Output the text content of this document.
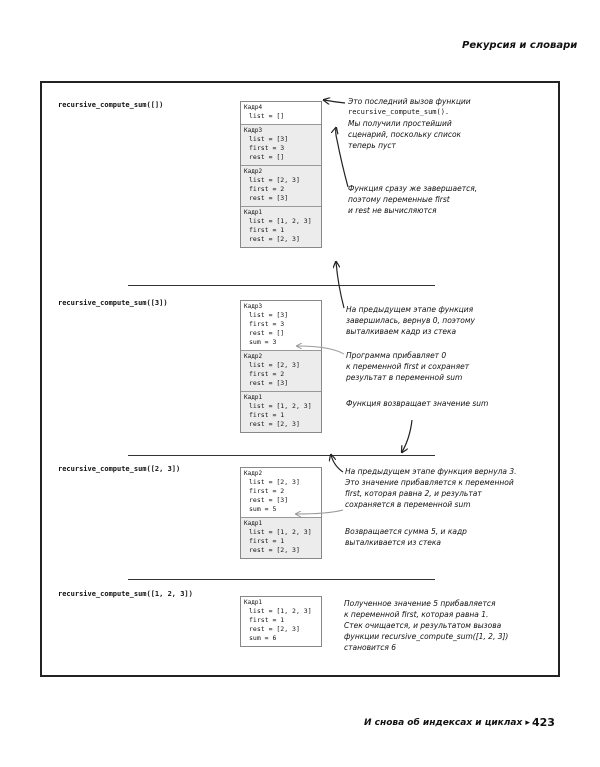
Рекурсия и словари
recursive_compute_sum([])	Кадр4
list = []
Кадр3
list = [3]
first = 3
rest = []
Кадр2
list = [2, 3]
first = 2
rest = [3]
Кадр1
list = [1, 2, 3]
first = 1
rest = [2, 3]
Это последний вызов функции
recursive_compute_sum().
Мы получили простейший
сценарий, поскольку список
теперь пуст
Функция сразу же завершается,
поэтому переменные first
и rest не вычисляются
recursive_compute_sum([3])	Кадр3
list = [3]
first = 3
rest = []
sum = 3
Кадр2
list = [2, 3]
first = 2
rest = [3]
Кадр1
list = [1, 2, 3]
first = 1
rest = [2, 3]
На предыдущем этапе функция
завершилась, вернув 0, поэтому
выталкиваем кадр из стека
Программа прибавляет 0
к переменной first и сохраняет
результат в переменной sum
Функция возвращает значение sum
recursive_compute_sum([2, 3])
Кадр2
list = [2, 3]
first = 2
rest = [3]
sum = 5
Кадр1
list = [1, 2, 3]
first = 1
rest = [2, 3]
На предыдущем этапе функция вернула 3.
Это значение прибавляется к переменной
first, которая равна 2, и результат
сохраняется в переменной sum
Возвращается сумма 5, и кадр
выталкивается из стека
recursive_compute_sum([1, 2, 3])
Кадр1
list = [1, 2, 3]
first = 1
rest = [2, 3]
sum = 6
Полученное значение 5 прибавляется
к переменной first, которая равна 1.
Стек очищается, и результатом вызова
функции recursive_compute_sum([1, 2, 3])
становится 6
И снова об индексах и циклах ▸ 423
